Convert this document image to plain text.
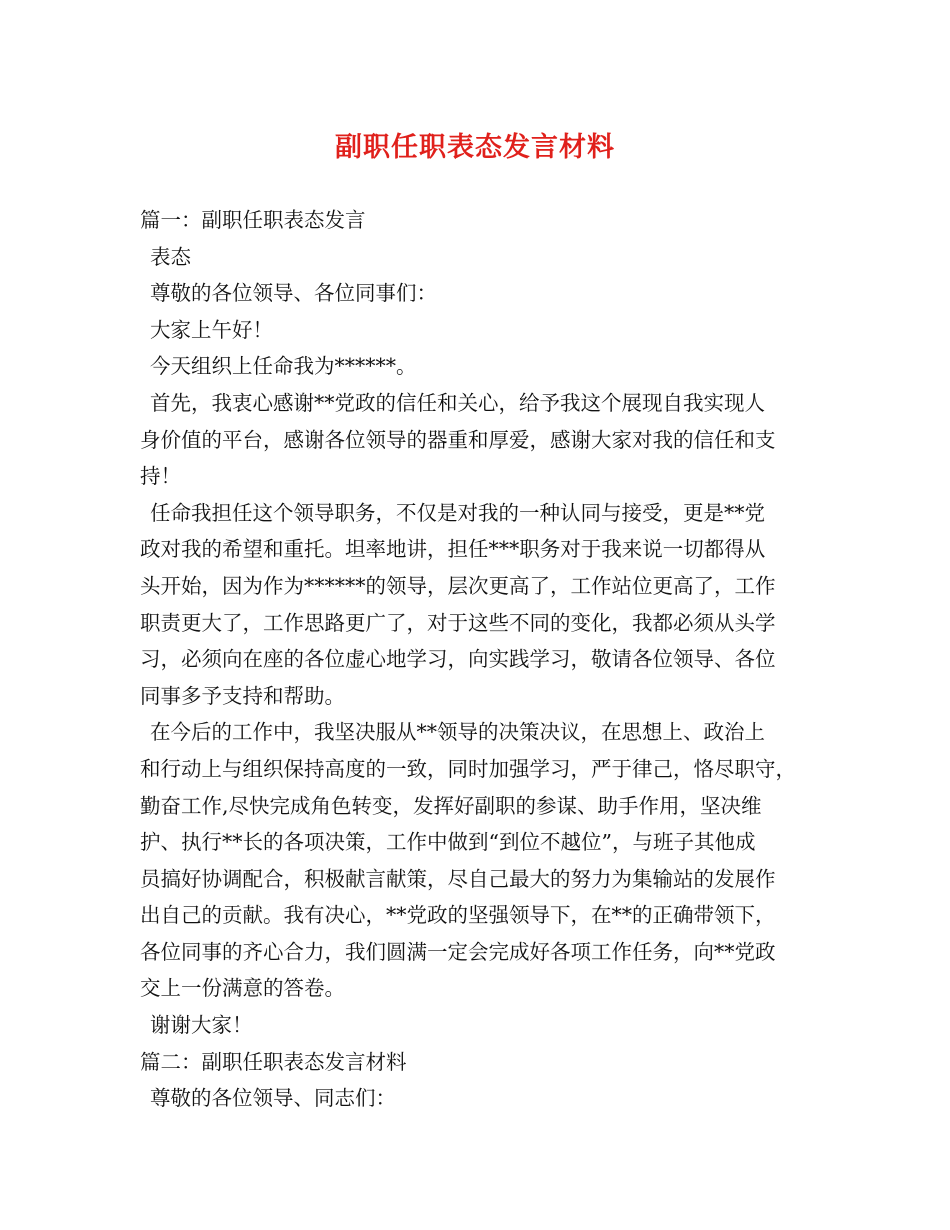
副职任职表态发言材料
篇一：副职任职表态发言
表态
尊敬的各位领导、各位同事们：
大家上午好！
今天组织上任命我为******。
首先，我衷心感谢**党政的信任和关心，给予我这个展现自我实现人
身价值的平台，感谢各位领导的器重和厚爱，感谢大家对我的信任和支
持！
任命我担任这个领导职务，不仅是对我的一种认同与接受，更是**党
政对我的希望和重托。坦率地讲，担任***职务对于我来说一切都得从
头开始，因为作为******的领导，层次更高了，工作站位更高了，工作
职责更大了，工作思路更广了，对于这些不同的变化，我都必须从头学
习，必须向在座的各位虚心地学习，向实践学习，敬请各位领导、各位
同事多予支持和帮助。
在今后的工作中，我坚决服从**领导的决策决议，在思想上、政治上
和行动上与组织保持高度的一致，同时加强学习，严于律己，恪尽职守，
勤奋工作,尽快完成角色转变，发挥好副职的参谋、助手作用，坚决维
护、执行**长的各项决策，工作中做到“到位不越位”，与班子其他成
员搞好协调配合，积极献言献策，尽自己最大的努力为集输站的发展作
出自己的贡献。我有决心，**党政的坚强领导下，在**的正确带领下，
各位同事的齐心合力，我们圆满一定会完成好各项工作任务，向**党政
交上一份满意的答卷。
谢谢大家！
篇二：副职任职表态发言材料
尊敬的各位领导、同志们：
